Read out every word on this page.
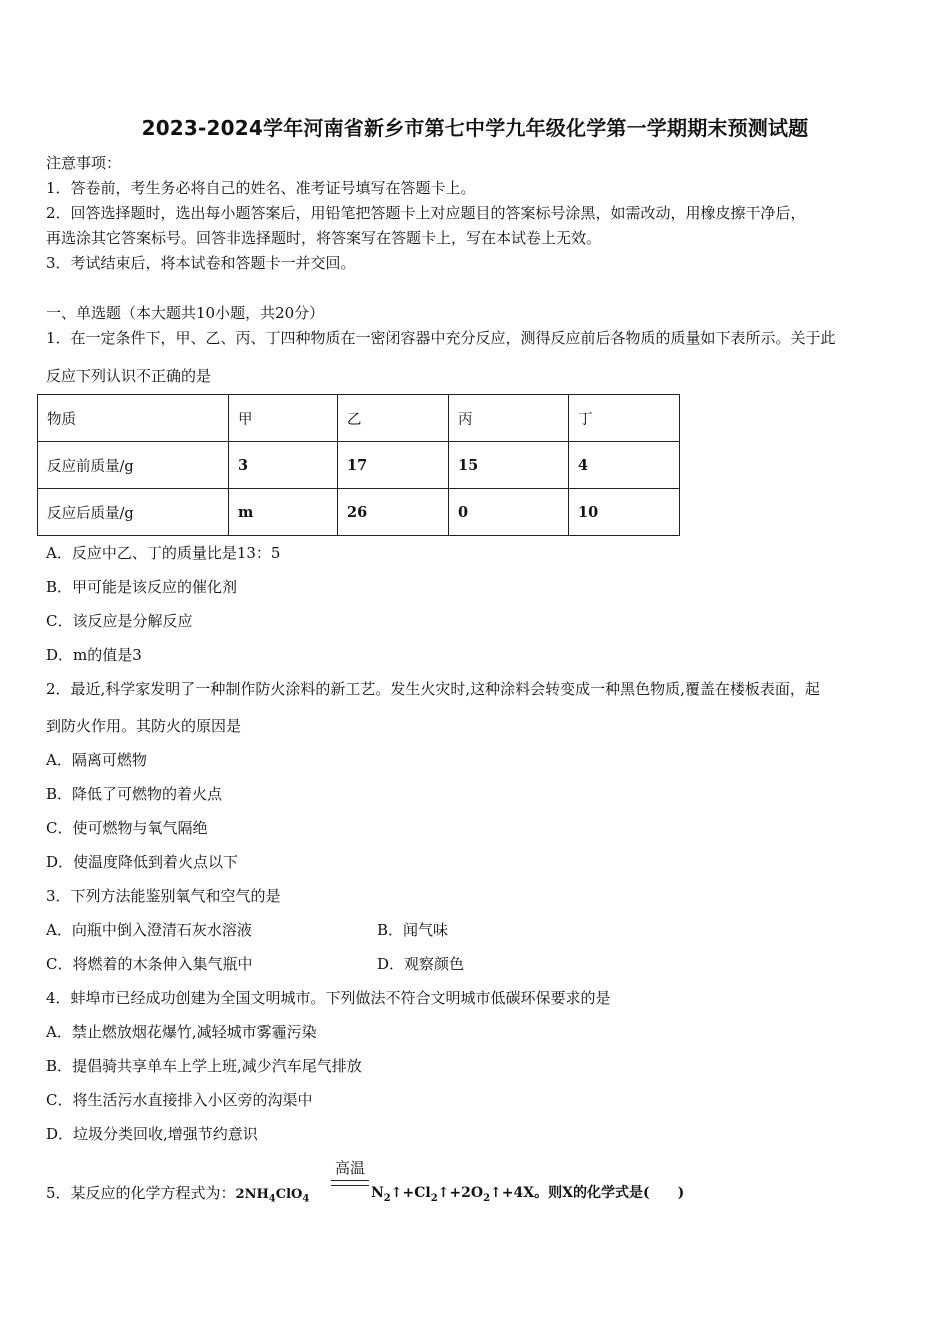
2023-2024学年河南省新乡市第七中学九年级化学第一学期期末预测试题
注意事项：
1．答卷前，考生务必将自己的姓名、准考证号填写在答题卡上。
2．回答选择题时，选出每小题答案后，用铅笔把答题卡上对应题目的答案标号涂黑，如需改动，用橡皮擦干净后，
再选涂其它答案标号。回答非选择题时，将答案写在答题卡上，写在本试卷上无效。
3．考试结束后，将本试卷和答题卡一并交回。
一、单选题（本大题共10小题，共20分）
1．在一定条件下，甲、乙、丙、丁四种物质在一密闭容器中充分反应，测得反应前后各物质的质量如下表所示。关于此
反应下列认识不正确的是
物质	甲	乙	丙	丁
反应前质量/g	3	17	15	4
反应后质量/g	m	26	0	10
A．反应中乙、丁的质量比是13：5
B．甲可能是该反应的催化剂
C．该反应是分解反应
D．m的值是3
2．最近,科学家发明了一种制作防火涂料的新工艺。发生火灾时,这种涂料会转变成一种黑色物质,覆盖在楼板表面，起
到防火作用。其防火的原因是
A．隔离可燃物
B．降低了可燃物的着火点
C．使可燃物与氧气隔绝
D．使温度降低到着火点以下
3．下列方法能鉴别氧气和空气的是
A．向瓶中倒入澄清石灰水溶液	B．闻气味
C．将燃着的木条伸入集气瓶中	D．观察颜色
4．蚌埠市已经成功创建为全国文明城市。下列做法不符合文明城市低碳环保要求的是
A．禁止燃放烟花爆竹,减轻城市雾霾污染
B．提倡骑共享单车上学上班,减少汽车尾气排放
C．将生活污水直接排入小区旁的沟渠中
D．垃圾分类回收,增强节约意识
高温
5．某反应的化学方程式为：$2NH_4ClO_4$	$N_2↑+Cl_2↑+2O_2↑+4X$。则X的化学式是(　　)
